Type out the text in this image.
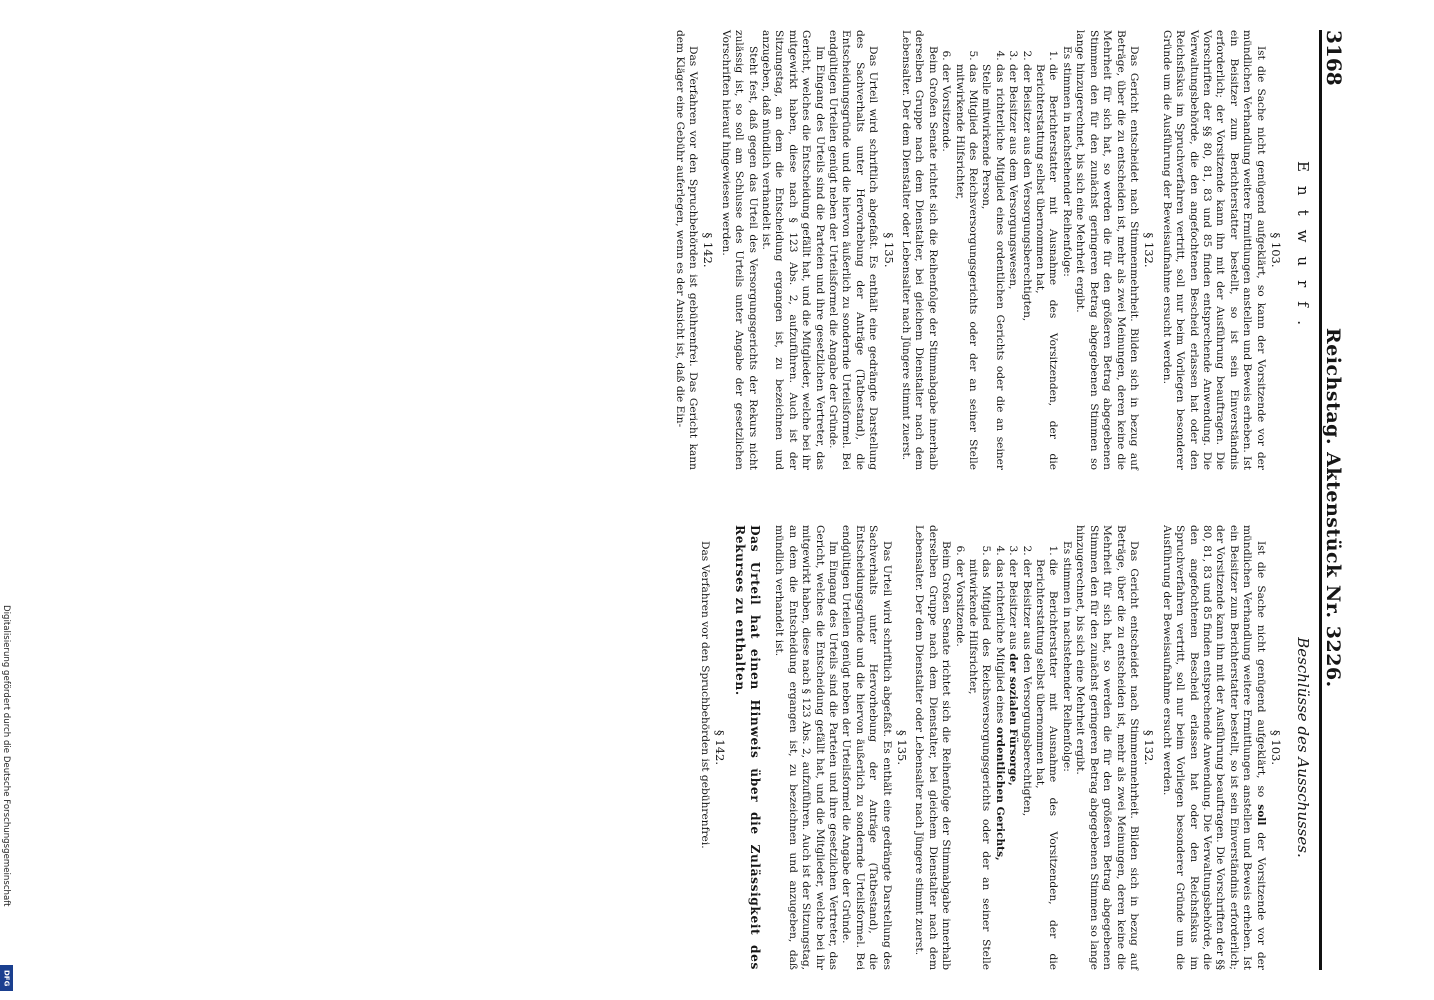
Digitalisierung gefördert durch die Deutsche Forschungsgemeinschaft
DFG
3168
Reichstag. Aktenstück Nr. 3226.
Entwurf.
Beschlüsse des Ausschusses.
§ 103.

Ist die Sache nicht genügend aufgeklärt, so kann der Vorsitzende vor der mündlichen Verhandlung weitere Ermittlungen anstellen und Beweis erheben. Ist ein Beisitzer zum Berichterstatter bestellt, so ist sein Einverständnis erforderlich; der Vorsitzende kann ihn mit der Ausführung beauftragen. Die Vorschriften der §§ 80, 81, 83 und 85 finden entsprechende Anwendung. Die Verwaltungsbehörde, die den angefochtenen Bescheid erlassen hat oder den Reichsfiskus im Spruchverfahren vertritt, soll nur beim Vorliegen besonderer Gründe um die Ausführung der Beweisaufnahme ersucht werden.

§ 132.

Das Gericht entscheidet nach Stimmenmehrheit. Bilden sich in bezug auf Beträge, über die zu entscheiden ist, mehr als zwei Meinungen, deren keine die Mehrheit für sich hat, so werden die für den größeren Betrag abgegebenen Stimmen den für den zunächst geringeren Betrag abgegebenen Stimmen so lange hinzugerechnet, bis sich eine Mehrheit ergibt.

Es stimmen in nachstehender Reihenfolge:

1. die Berichterstatter mit Ausnahme des Vorsitzenden, der die Berichterstattung selbst übernommen hat,
2. der Beisitzer aus den Versorgungsberechtigten,
3. der Beisitzer aus dem Versorgungswesen,
4. das richterliche Mitglied eines ordentlichen Gerichts oder die an seiner Stelle mitwirkende Person,
5. das Mitglied des Reichsversorgungsgerichts oder der an seiner Stelle mitwirkende Hilfsrichter,
6. der Vorsitzende.

Beim Großen Senate richtet sich die Reihenfolge der Stimmabgabe innerhalb derselben Gruppe nach dem Dienstalter, bei gleichem Dienstalter nach dem Lebensalter. Der dem Dienstalter oder Lebensalter nach Jüngere stimmt zuerst.

§ 135.

Das Urteil wird schriftlich abgefaßt. Es enthält eine gedrängte Darstellung des Sachverhalts unter Hervorhebung der Anträge (Tatbestand), die Entscheidungsgründe und die hiervon äußerlich zu sondernde Urteilsformel. Bei endgültigen Urteilen genügt neben der Urteilsformel die Angabe der Gründe.

Im Eingang des Urteils sind die Parteien und ihre gesetzlichen Vertreter, das Gericht, welches die Entscheidung gefällt hat, und die Mitglieder, welche bei ihr mitgewirkt haben, diese nach § 123 Abs. 2, aufzuführen. Auch ist der Sitzungstag, an dem die Entscheidung ergangen ist, zu bezeichnen und anzugeben, daß mündlich verhandelt ist.

Steht fest, daß gegen das Urteil des Versorgungsgerichts der Rekurs nicht zulässig ist, so soll am Schlusse des Urteils unter Angabe der gesetzlichen Vorschriften hierauf hingewiesen werden.

§ 142.

Das Verfahren vor den Spruchbehörden ist gebührenfrei. Das Gericht kann dem Kläger eine Gebühr auferlegen, wenn es der Ansicht ist, daß die Ein-

§ 103.

Ist die Sache nicht genügend aufgeklärt, so soll der Vorsitzende vor der mündlichen Verhandlung weitere Ermittlungen anstellen und Beweis erheben. Ist ein Beisitzer zum Berichterstatter bestellt, so ist sein Einverständnis erforderlich; der Vorsitzende kann ihn mit der Ausführung beauftragen. Die Vorschriften der §§ 80, 81, 83 und 85 finden entsprechende Anwendung. Die Verwaltungsbehörde, die den angefochtenen Bescheid erlassen hat oder den Reichsfiskus im Spruchverfahren vertritt, soll nur beim Vorliegen besonderer Gründe um die Ausführung der Beweisaufnahme ersucht werden.

§ 132.

Das Gericht entscheidet nach Stimmenmehrheit. Bilden sich in bezug auf Beträge, über die zu entscheiden ist, mehr als zwei Meinungen, deren keine die Mehrheit für sich hat, so werden die für den größeren Betrag abgegebenen Stimmen den für den zunächst geringeren Betrag abgegebenen Stimmen so lange hinzugerechnet, bis sich eine Mehrheit ergibt.

Es stimmen in nachstehender Reihenfolge:

1. die Berichterstatter mit Ausnahme des Vorsitzenden, der die Berichterstattung selbst übernommen hat,
2. der Beisitzer aus den Versorgungsberechtigten,
3. der Beisitzer aus der sozialen Fürsorge,
4. das richterliche Mitglied eines ordentlichen Gerichts,
5. das Mitglied des Reichsversorgungsgerichts oder der an seiner Stelle mitwirkende Hilfsrichter,
6. der Vorsitzende.

Beim Großen Senate richtet sich die Reihenfolge der Stimmabgabe innerhalb derselben Gruppe nach dem Dienstalter, bei gleichem Dienstalter nach dem Lebensalter. Der dem Dienstalter oder Lebensalter nach Jüngere stimmt zuerst.

§ 135.

Das Urteil wird schriftlich abgefaßt. Es enthält eine gedrängte Darstellung des Sachverhalts unter Hervorhebung der Anträge (Tatbestand), die Entscheidungsgründe und die hiervon äußerlich zu sondernde Urteilsformel. Bei endgültigen Urteilen genügt neben der Urteilsformel die Angabe der Gründe.

Im Eingang des Urteils sind die Parteien und ihre gesetzlichen Vertreter, das Gericht, welches die Entscheidung gefällt hat, und die Mitglieder, welche bei ihr mitgewirkt haben, diese nach § 123 Abs. 2, aufzuführen. Auch ist der Sitzungstag, an dem die Entscheidung ergangen ist, zu bezeichnen und anzugeben, daß mündlich verhandelt ist.

Das Urteil hat einen Hinweis über die Zulässigkeit des Rekurses zu enthalten.

§ 142.

Das Verfahren vor den Spruchbehörden ist gebührenfrei.
